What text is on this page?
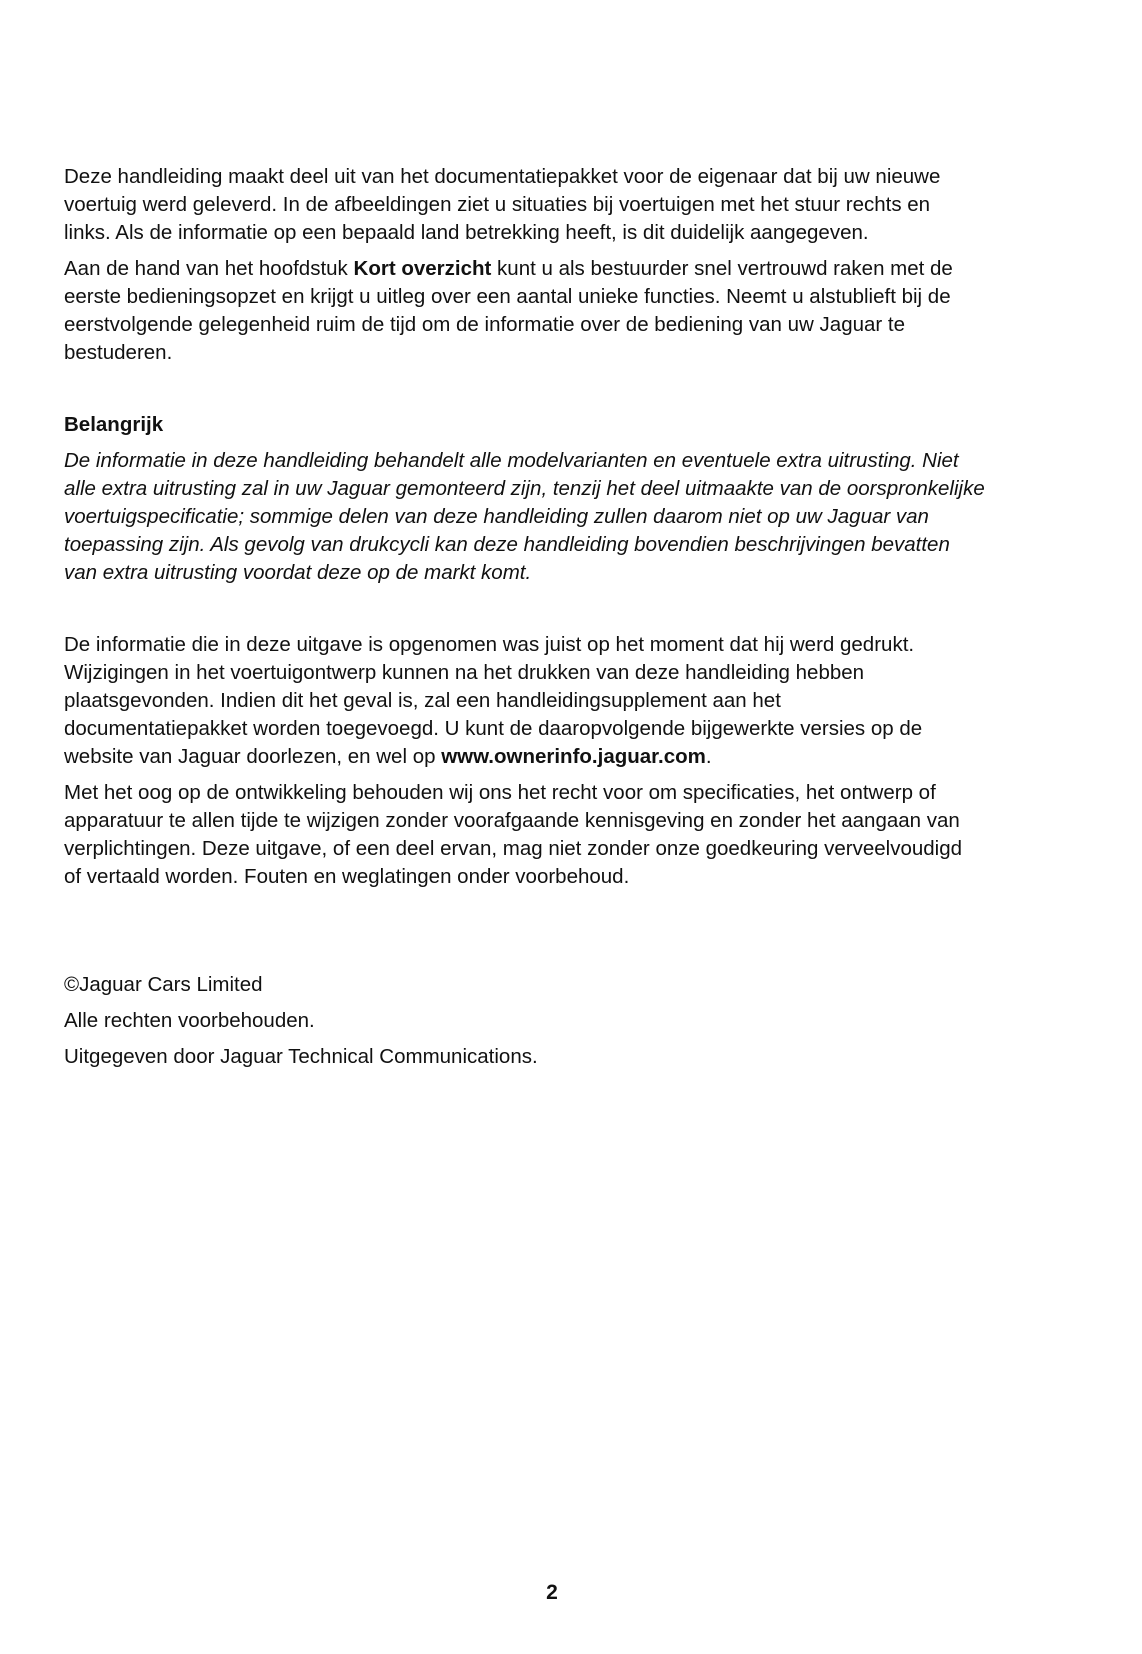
Deze handleiding maakt deel uit van het documentatiepakket voor de eigenaar dat bij uw nieuwe
voertuig werd geleverd. In de afbeeldingen ziet u situaties bij voertuigen met het stuur rechts en
links. Als de informatie op een bepaald land betrekking heeft, is dit duidelijk aangegeven.

Aan de hand van het hoofdstuk Kort overzicht kunt u als bestuurder snel vertrouwd raken met de
eerste bedieningsopzet en krijgt u uitleg over een aantal unieke functies. Neemt u alstublieft bij de
eerstvolgende gelegenheid ruim de tijd om de informatie over de bediening van uw Jaguar te
bestuderen.

Belangrijk

De informatie in deze handleiding behandelt alle modelvarianten en eventuele extra uitrusting. Niet
alle extra uitrusting zal in uw Jaguar gemonteerd zijn, tenzij het deel uitmaakte van de oorspronkelijke
voertuigspecificatie; sommige delen van deze handleiding zullen daarom niet op uw Jaguar van
toepassing zijn. Als gevolg van drukcycli kan deze handleiding bovendien beschrijvingen bevatten
van extra uitrusting voordat deze op de markt komt.

De informatie die in deze uitgave is opgenomen was juist op het moment dat hij werd gedrukt.
Wijzigingen in het voertuigontwerp kunnen na het drukken van deze handleiding hebben
plaatsgevonden. Indien dit het geval is, zal een handleidingsupplement aan het
documentatiepakket worden toegevoegd. U kunt de daaropvolgende bijgewerkte versies op de
website van Jaguar doorlezen, en wel op www.ownerinfo.jaguar.com.

Met het oog op de ontwikkeling behouden wij ons het recht voor om specificaties, het ontwerp of
apparatuur te allen tijde te wijzigen zonder voorafgaande kennisgeving en zonder het aangaan van
verplichtingen. Deze uitgave, of een deel ervan, mag niet zonder onze goedkeuring verveelvoudigd
of vertaald worden. Fouten en weglatingen onder voorbehoud.

©Jaguar Cars Limited

Alle rechten voorbehouden.

Uitgegeven door Jaguar Technical Communications.

2
